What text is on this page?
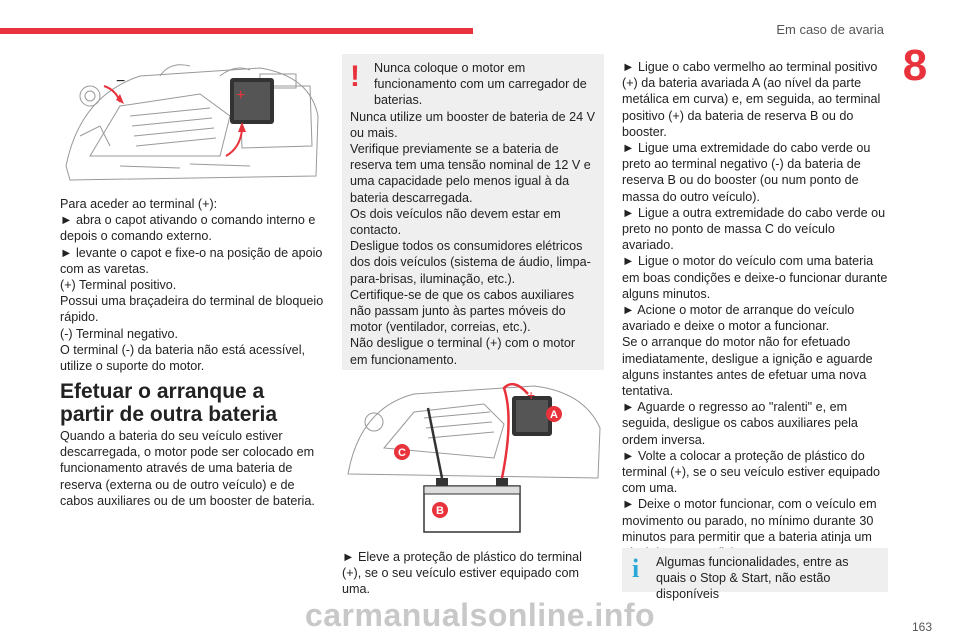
Em caso de avaria
8
+
−

Para aceder ao terminal (+):

► abra o capot ativando o comando interno e depois o comando externo.

► levante o capot e fixe-o na posição de apoio com as varetas.

(+) Terminal positivo.

Possui uma braçadeira do terminal de bloqueio rápido.

(-) Terminal negativo.

O terminal (-) da bateria não está acessível, utilize o suporte do motor.

Efetuar o arranque a partir de outra bateria

Quando a bateria do seu veículo estiver descarregada, o motor pode ser colocado em funcionamento através de uma bateria de reserva (externa ou de outro veículo) e de cabos auxiliares ou de um booster de bateria.

! Nunca coloque o motor em funcionamento com um carregador de baterias.

Nunca utilize um booster de bateria de 24 V ou mais.

Verifique previamente se a bateria de reserva tem uma tensão nominal de 12 V e uma capacidade pelo menos igual à da bateria descarregada.

Os dois veículos não devem estar em contacto.

Desligue todos os consumidores elétricos dos dois veículos (sistema de áudio, limpa-para-brisas, iluminação, etc.).

Certifique-se de que os cabos auxiliares não passam junto às partes móveis do motor (ventilador, correias, etc.).

Não desligue o terminal (+) com o motor em funcionamento.

+
A
B
C

► Eleve a proteção de plástico do terminal (+), se o seu veículo estiver equipado com uma.

► Ligue o cabo vermelho ao terminal positivo (+) da bateria avariada A (ao nível da parte metálica em curva) e, em seguida, ao terminal positivo (+) da bateria de reserva B ou do booster.

► Ligue uma extremidade do cabo verde ou preto ao terminal negativo (-) da bateria de reserva B ou do booster (ou num ponto de massa do outro veículo).

► Ligue a outra extremidade do cabo verde ou preto no ponto de massa C do veículo avariado.

► Ligue o motor do veículo com uma bateria em boas condições e deixe-o funcionar durante alguns minutos.

► Acione o motor de arranque do veículo avariado e deixe o motor a funcionar.

Se o arranque do motor não for efetuado imediatamente, desligue a ignição e aguarde alguns instantes antes de efetuar uma nova tentativa.

► Aguarde o regresso ao "ralenti" e, em seguida, desligue os cabos auxiliares pela ordem inversa.

► Volte a colocar a proteção de plástico do terminal (+), se o seu veículo estiver equipado com uma.

► Deixe o motor funcionar, com o veículo em movimento ou parado, no mínimo durante 30 minutos para permitir que a bateria atinja um

i Algumas funcionalidades, entre as quais o Stop & Start, não estão disponíveis
carmanualsonline.info	163
